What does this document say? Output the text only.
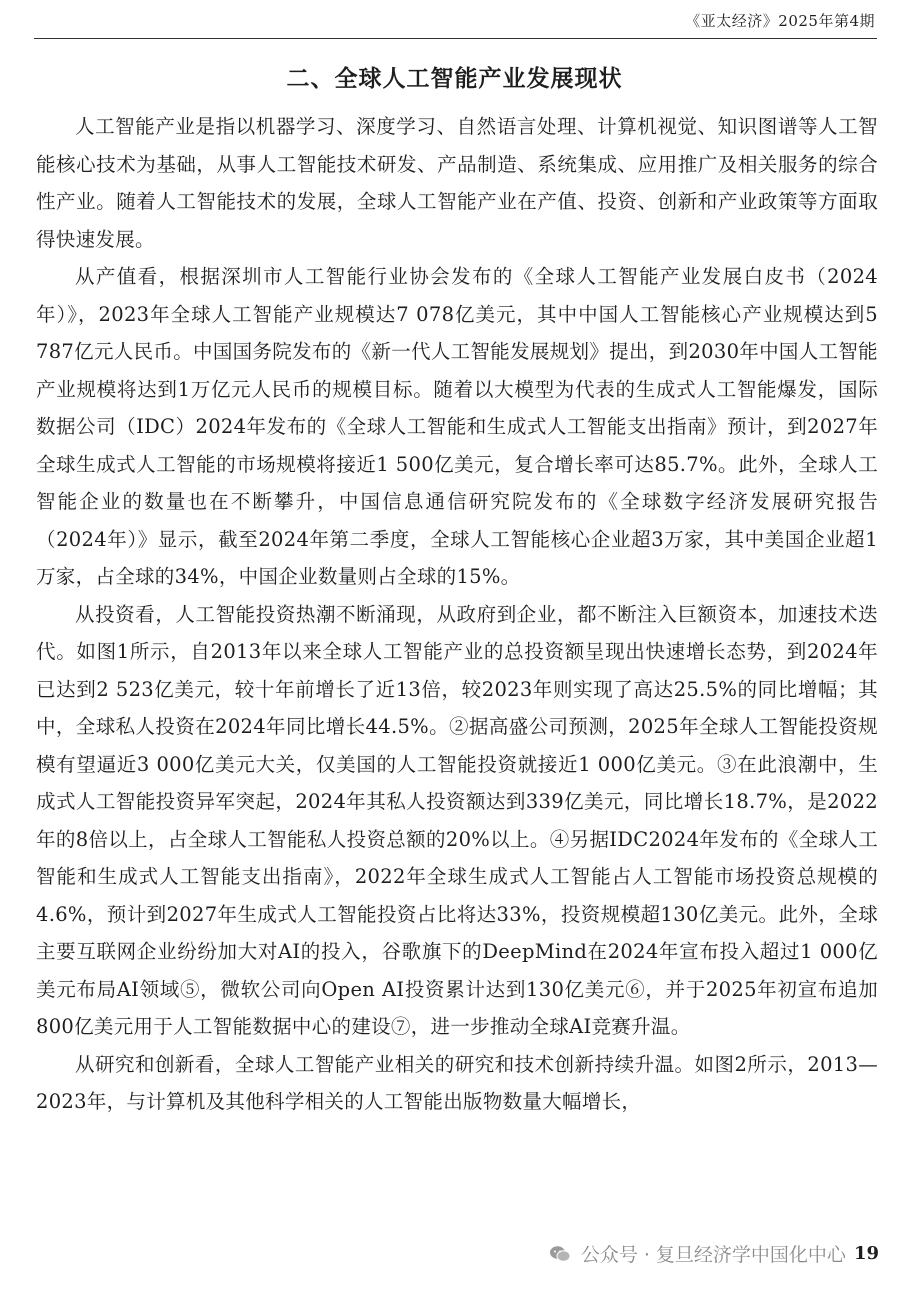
《亚太经济》2025年第4期
二、全球人工智能产业发展现状

人工智能产业是指以机器学习、深度学习、自然语言处理、计算机视觉、知识图谱等人工智能核心技术为基础，从事人工智能技术研发、产品制造、系统集成、应用推广及相关服务的综合性产业。随着人工智能技术的发展，全球人工智能产业在产值、投资、创新和产业政策等方面取得快速发展。

从产值看，根据深圳市人工智能行业协会发布的《全球人工智能产业发展白皮书（2024年）》，2023年全球人工智能产业规模达7 078亿美元，其中中国人工智能核心产业规模达到5 787亿元人民币。中国国务院发布的《新一代人工智能发展规划》提出，到2030年中国人工智能产业规模将达到1万亿元人民币的规模目标。随着以大模型为代表的生成式人工智能爆发，国际数据公司（IDC）2024年发布的《全球人工智能和生成式人工智能支出指南》预计，到2027年全球生成式人工智能的市场规模将接近1 500亿美元，复合增长率可达85.7%。此外，全球人工智能企业的数量也在不断攀升，中国信息通信研究院发布的《全球数字经济发展研究报告（2024年）》显示，截至2024年第二季度，全球人工智能核心企业超3万家，其中美国企业超1万家，占全球的34%，中国企业数量则占全球的15%。

从投资看，人工智能投资热潮不断涌现，从政府到企业，都不断注入巨额资本，加速技术迭代。如图1所示，自2013年以来全球人工智能产业的总投资额呈现出快速增长态势，到2024年已达到2 523亿美元，较十年前增长了近13倍，较2023年则实现了高达25.5%的同比增幅；其中，全球私人投资在2024年同比增长44.5%。②据高盛公司预测，2025年全球人工智能投资规模有望逼近3 000亿美元大关，仅美国的人工智能投资就接近1 000亿美元。③在此浪潮中，生成式人工智能投资异军突起，2024年其私人投资额达到339亿美元，同比增长18.7%，是2022年的8倍以上，占全球人工智能私人投资总额的20%以上。④另据IDC2024年发布的《全球人工智能和生成式人工智能支出指南》，2022年全球生成式人工智能占人工智能市场投资总规模的4.6%，预计到2027年生成式人工智能投资占比将达33%，投资规模超130亿美元。此外，全球主要互联网企业纷纷加大对AI的投入，谷歌旗下的DeepMind在2024年宣布投入超过1 000亿美元布局AI领域⑤，微软公司向Open AI投资累计达到130亿美元⑥，并于2025年初宣布追加800亿美元用于人工智能数据中心的建设⑦，进一步推动全球AI竞赛升温。

从研究和创新看，全球人工智能产业相关的研究和技术创新持续升温。如图2所示，2013—2023年，与计算机及其他科学相关的人工智能出版物数量大幅增长，

公众号 · 复旦经济学中国化中心 19
